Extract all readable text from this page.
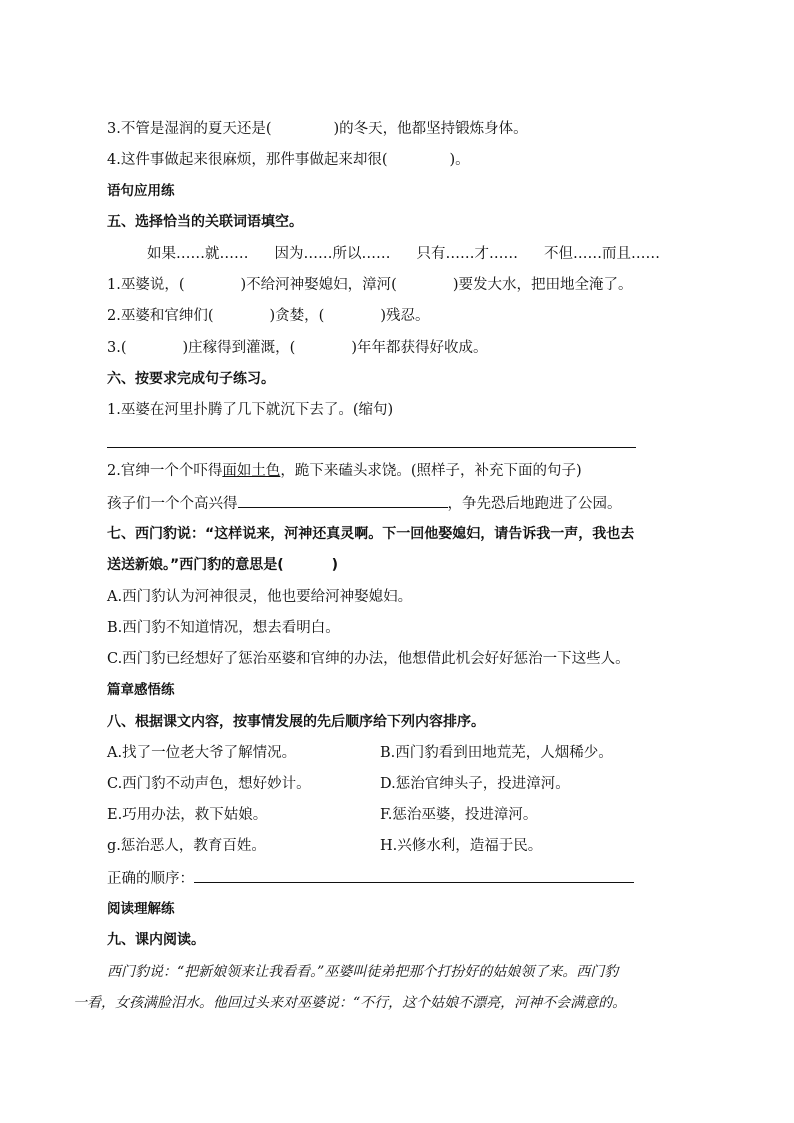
3.不管是湿润的夏天还是(	)的冬天，他都坚持锻炼身体。
4.这件事做起来很麻烦，那件事做起来却很(	)。
语句应用练
五、选择恰当的关联词语填空。
如果……就…… 因为……所以…… 只有……才…… 不但……而且……
1.巫婆说，(	)不给河神娶媳妇，漳河(	)要发大水，把田地全淹了。
2.巫婆和官绅们(	)贪婪，(	)残忍。
3.(	)庄稼得到灌溉，(	)年年都获得好收成。
六、按要求完成句子练习。
1.巫婆在河里扑腾了几下就沉下去了。(缩句)
2.官绅一个个吓得面如土色，跪下来磕头求饶。(照样子，补充下面的句子)
孩子们一个个高兴得	，争先恐后地跑进了公园。
七、西门豹说：“这样说来，河神还真灵啊。下一回他娶媳妇，请告诉我一声，我也去
送送新娘。”西门豹的意思是(	)
A.西门豹认为河神很灵，他也要给河神娶媳妇。
B.西门豹不知道情况，想去看明白。
C.西门豹已经想好了惩治巫婆和官绅的办法，他想借此机会好好惩治一下这些人。
篇章感悟练
八、根据课文内容，按事情发展的先后顺序给下列内容排序。
A.找了一位老大爷了解情况。	B.西门豹看到田地荒芜，人烟稀少。
C.西门豹不动声色，想好妙计。	D.惩治官绅头子，投进漳河。
E.巧用办法，救下姑娘。	F.惩治巫婆，投进漳河。
g.惩治恶人，教育百姓。	H.兴修水利，造福于民。
正确的顺序：
阅读理解练
九、课内阅读。
西门豹说：“把新娘领来让我看看。”巫婆叫徒弟把那个打扮好的姑娘领了来。西门豹
一看，女孩满脸泪水。他回过头来对巫婆说：“不行，这个姑娘不漂亮，河神不会满意的。
